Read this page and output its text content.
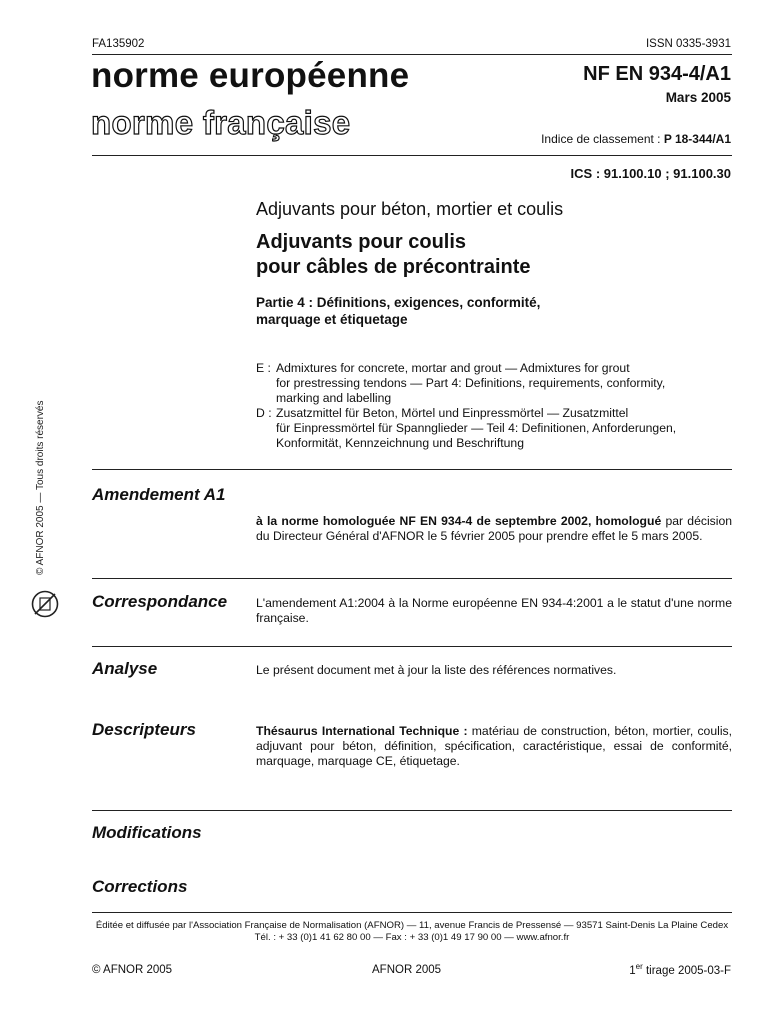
FA135902	ISSN 0335-3931
norme européenne
norme française
NF EN 934-4/A1
Mars 2005
Indice de classement : P 18-344/A1
ICS : 91.100.10 ; 91.100.30
Adjuvants pour béton, mortier et coulis
Adjuvants pour coulis
pour câbles de précontrainte
Partie 4 : Définitions, exigences, conformité,
marquage et étiquetage
E : Admixtures for concrete, mortar and grout — Admixtures for grout
for prestressing tendons — Part 4: Definitions, requirements, conformity,
marking and labelling
D : Zusatzmittel für Beton, Mörtel und Einpressmörtel — Zusatzmittel
für Einpressmörtel für Spannglieder — Teil 4: Definitionen, Anforderungen,
Konformität, Kennzeichnung und Beschriftung
© AFNOR 2005 — Tous droits réservés	Amendement A1
à la norme homologuée NF EN 934-4 de septembre 2002, homologué par décision du Directeur Général d'AFNOR le 5 février 2005 pour prendre effet le 5 mars 2005.
Correspondance L'amendement A1:2004 à la Norme européenne EN 934-4:2001 a le statut d'une norme française.
Analyse	Le présent document met à jour la liste des références normatives.
Descripteurs	Thésaurus International Technique : matériau de construction, béton, mortier, coulis, adjuvant pour béton, définition, spécification, caractéristique, essai de conformité, marquage, marquage CE, étiquetage.
Modifications
Corrections
Éditée et diffusée par l'Association Française de Normalisation (AFNOR) — 11, avenue Francis de Pressensé — 93571 Saint-Denis La Plaine Cedex
Tél. : + 33 (0)1 41 62 80 00 — Fax : + 33 (0)1 49 17 90 00 — www.afnor.fr
© AFNOR 2005	AFNOR 2005	1er tirage 2005-03-F
